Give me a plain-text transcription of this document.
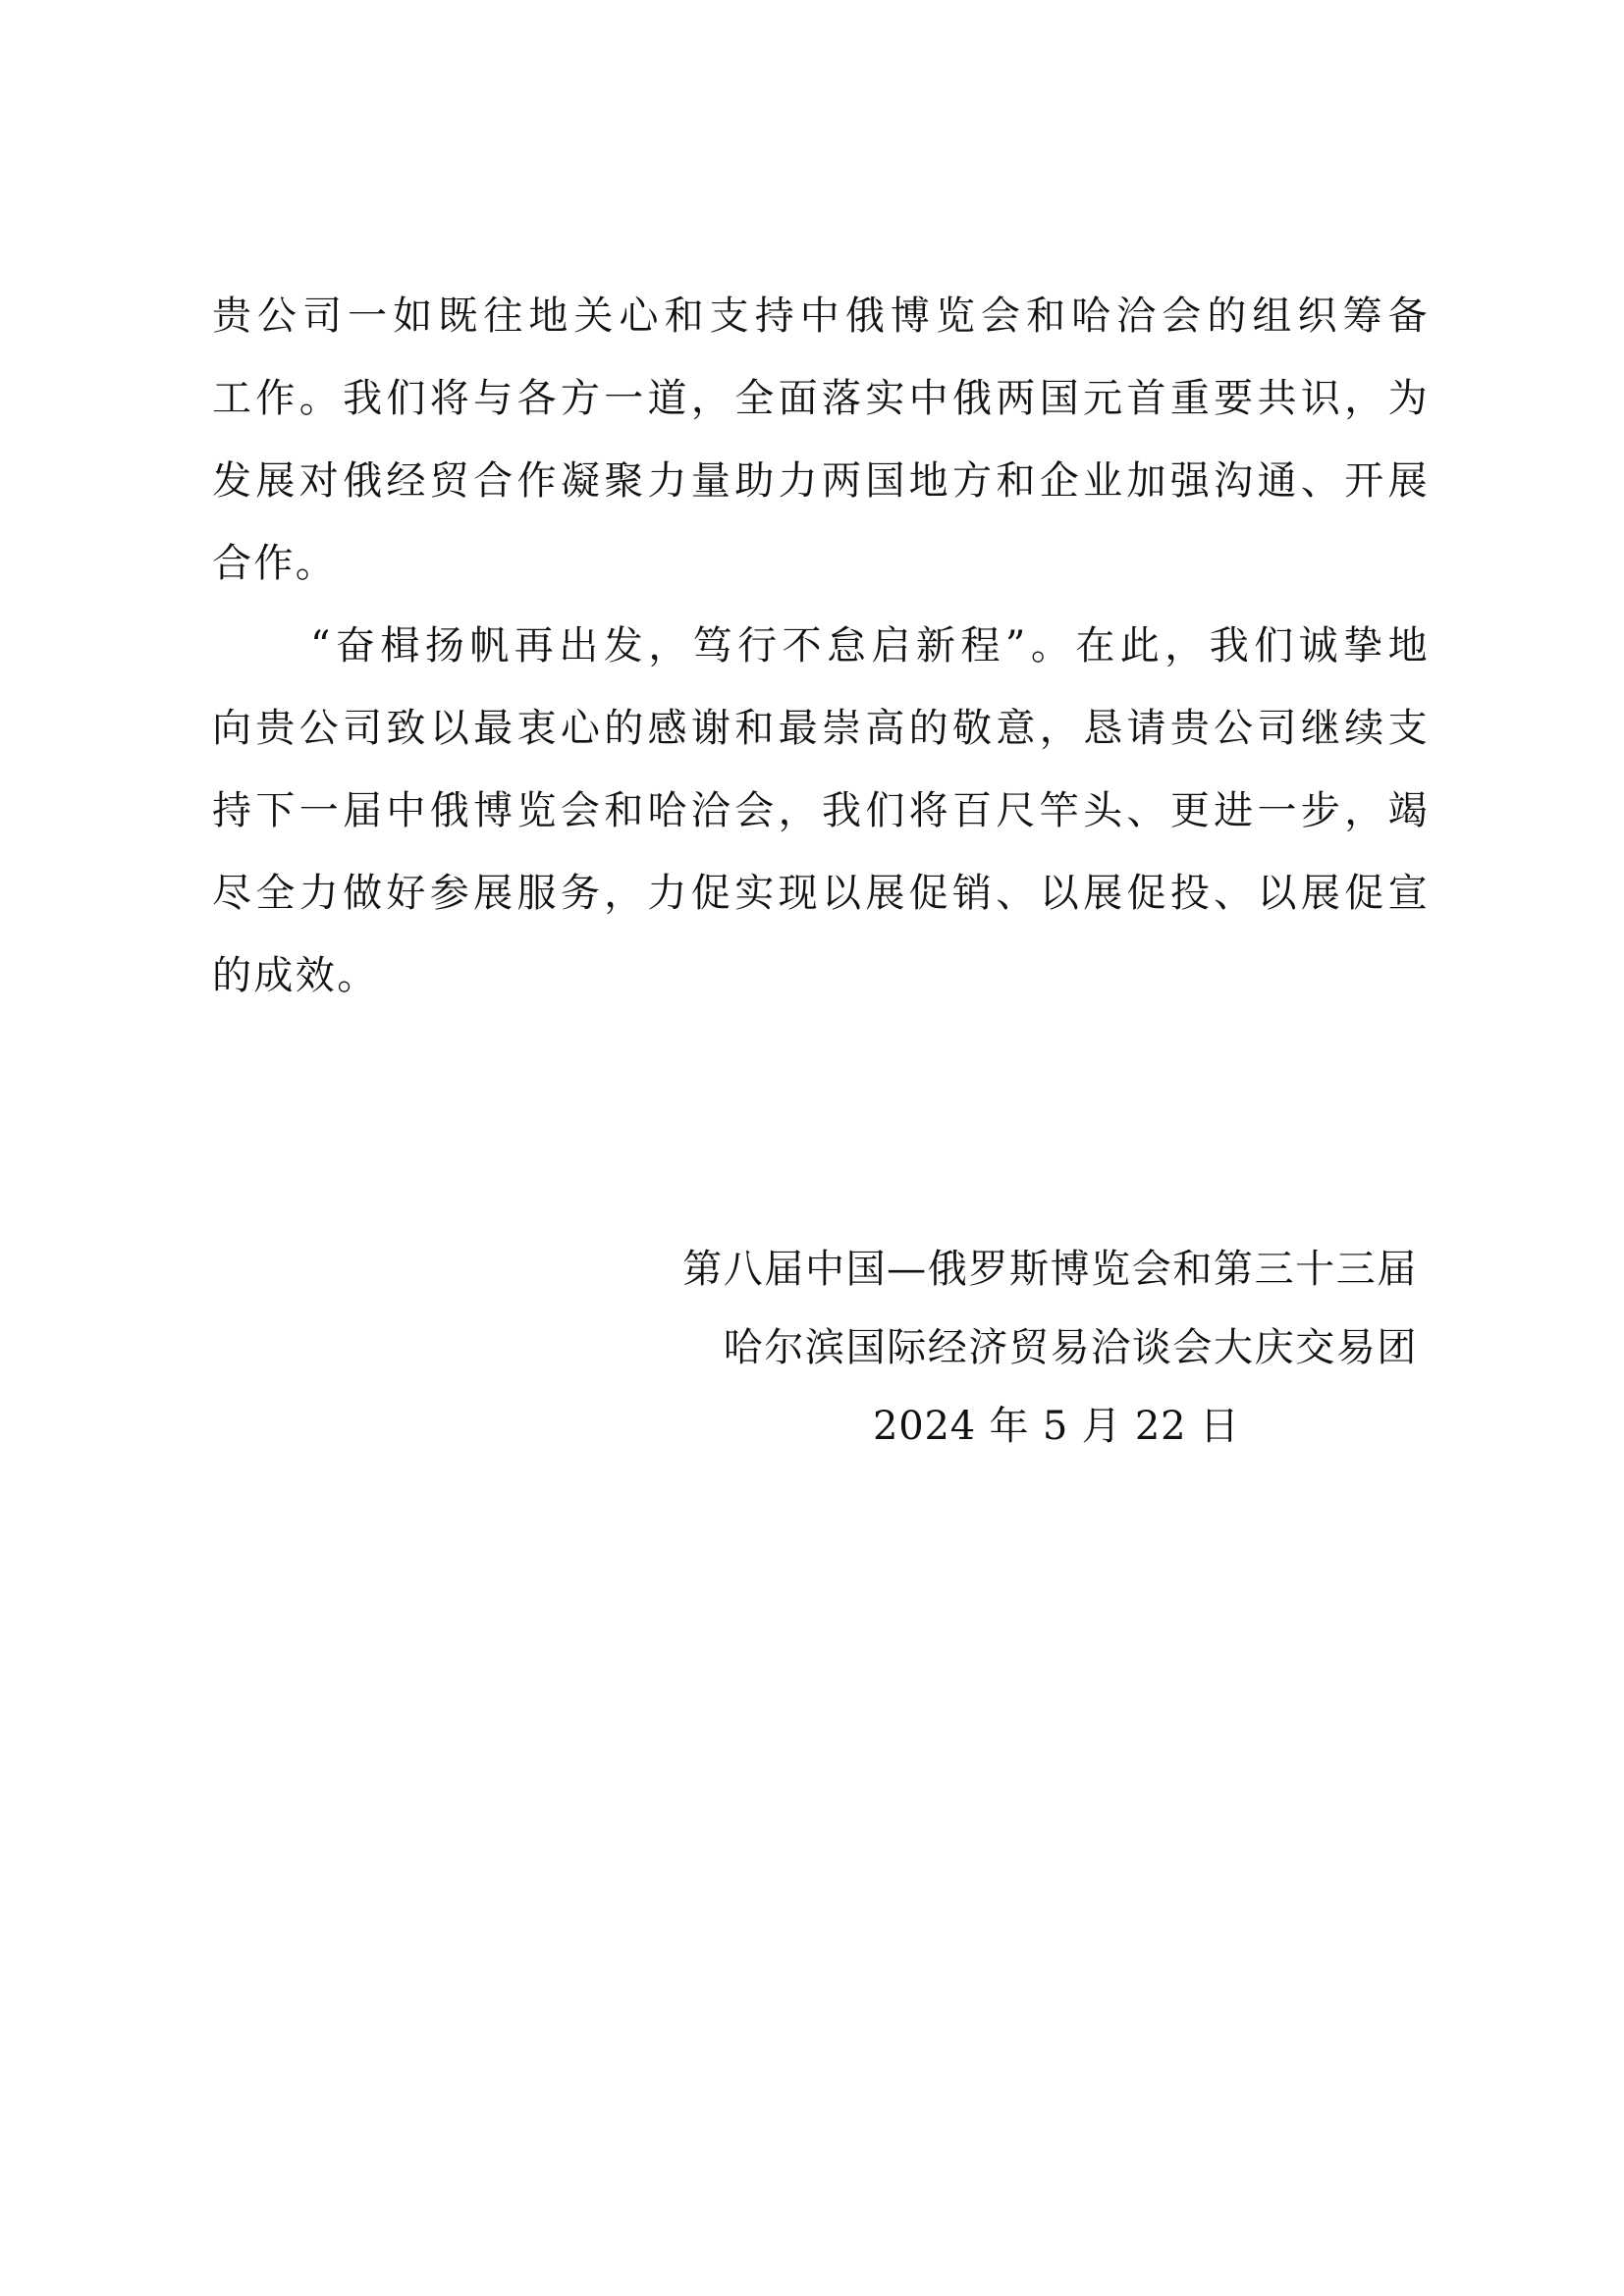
贵公司一如既往地关心和支持中俄博览会和哈洽会的组织筹备
工作。我们将与各方一道，全面落实中俄两国元首重要共识，为
发展对俄经贸合作凝聚力量助力两国地方和企业加强沟通、开展
合作。
“奋楫扬帆再出发，笃行不怠启新程”。在此，我们诚挚地
向贵公司致以最衷心的感谢和最崇高的敬意，恳请贵公司继续支
持下一届中俄博览会和哈洽会，我们将百尺竿头、更进一步，竭
尽全力做好参展服务，力促实现以展促销、以展促投、以展促宣
的成效。
第八届中国—俄罗斯博览会和第三十三届
哈尔滨国际经济贸易洽谈会大庆交易团
2024 年 5 月 22 日
